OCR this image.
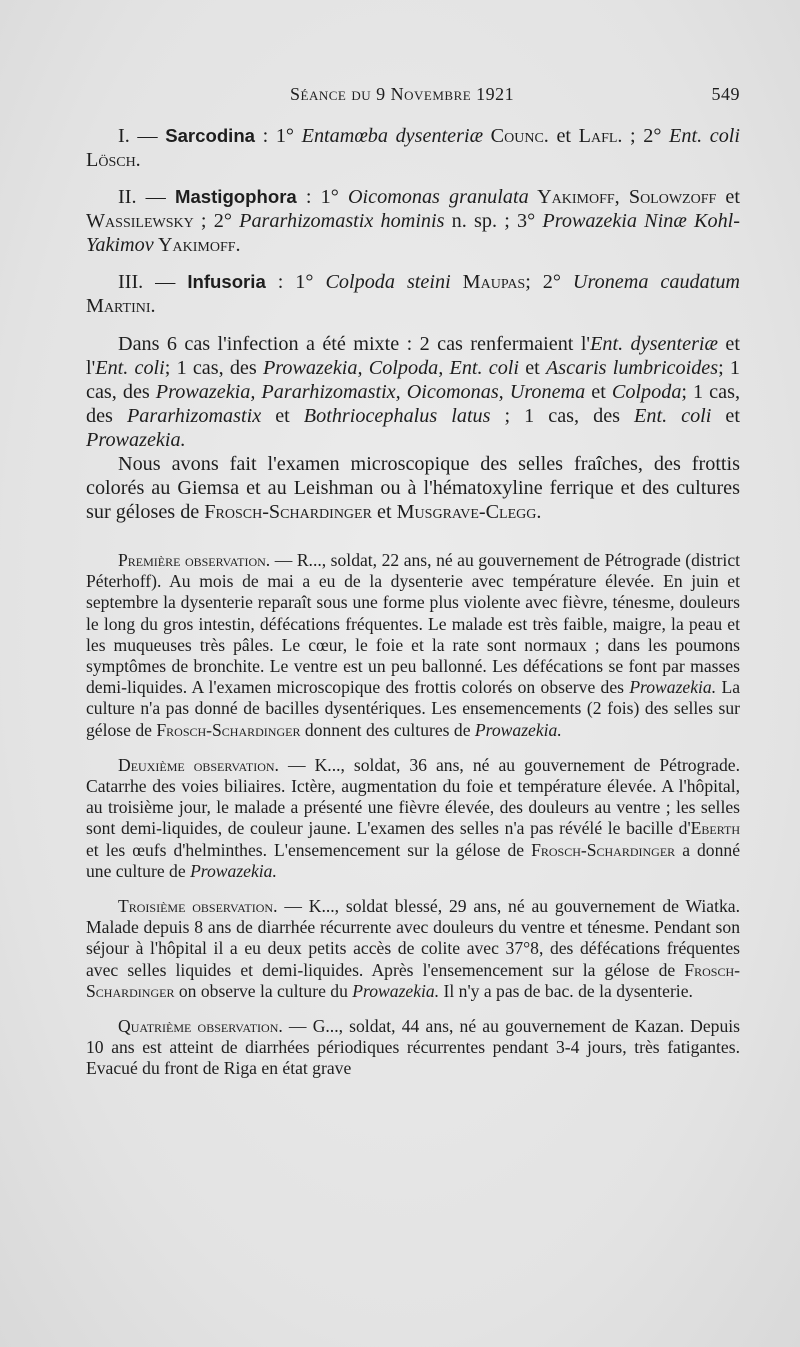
Séance du 9 Novembre 1921	549

I. — Sarcodina : 1° Entamœba dysenteriæ Counc. et Lafl. ; 2° Ent. coli Lösch.

II. — Mastigophora : 1° Oicomonas granulata Yakimoff, Solowzoff et Wassilewsky ; 2° Pararhizomastix hominis n. sp. ; 3° Prowazekia Ninæ Kohl-Yakimov Yakimoff.

III. — Infusoria : 1° Colpoda steini Maupas; 2° Uronema caudatum Martini.

Dans 6 cas l'infection a été mixte : 2 cas renfermaient l'Ent. dysenteriæ et l'Ent. coli; 1 cas, des Prowazekia, Colpoda, Ent. coli et Ascaris lumbricoides; 1 cas, des Prowazekia, Pararhizomastix, Oicomonas, Uronema et Colpoda; 1 cas, des Pararhizomastix et Bothriocephalus latus ; 1 cas, des Ent. coli et Prowazekia.

Nous avons fait l'examen microscopique des selles fraîches, des frottis colorés au Giemsa et au Leishman ou à l'hématoxyline ferrique et des cultures sur géloses de Frosch-Schardinger et Musgrave-Clegg.

Première observation. — R..., soldat, 22 ans, né au gouvernement de Pétrograde (district Péterhoff). Au mois de mai a eu de la dysenterie avec température élevée. En juin et septembre la dysenterie reparaît sous une forme plus violente avec fièvre, ténesme, douleurs le long du gros intestin, défécations fréquentes. Le malade est très faible, maigre, la peau et les muqueuses très pâles. Le cœur, le foie et la rate sont normaux ; dans les poumons symptômes de bronchite. Le ventre est un peu ballonné. Les défécations se font par masses demi-liquides. A l'examen microscopique des frottis colorés on observe des Prowazekia. La culture n'a pas donné de bacilles dysentériques. Les ensemencements (2 fois) des selles sur gélose de Frosch-Schardinger donnent des cultures de Prowazekia.

Deuxième observation. — K..., soldat, 36 ans, né au gouvernement de Pétrograde. Catarrhe des voies biliaires. Ictère, augmentation du foie et température élevée. A l'hôpital, au troisième jour, le malade a présenté une fièvre élevée, des douleurs au ventre ; les selles sont demi-liquides, de couleur jaune. L'examen des selles n'a pas révélé le bacille d'Eberth et les œufs d'helminthes. L'ensemencement sur la gélose de Frosch-Schardinger a donné une culture de Prowazekia.

Troisième observation. — K..., soldat blessé, 29 ans, né au gouvernement de Wiatka. Malade depuis 8 ans de diarrhée récurrente avec douleurs du ventre et ténesme. Pendant son séjour à l'hôpital il a eu deux petits accès de colite avec 37°8, des défécations fréquentes avec selles liquides et demi-liquides. Après l'ensemencement sur la gélose de Frosch-Schardinger on observe la culture du Prowazekia. Il n'y a pas de bac. de la dysenterie.

Quatrième observation. — G..., soldat, 44 ans, né au gouvernement de Kazan. Depuis 10 ans est atteint de diarrhées périodiques récurrentes pendant 3-4 jours, très fatigantes. Evacué du front de Riga en état grave
